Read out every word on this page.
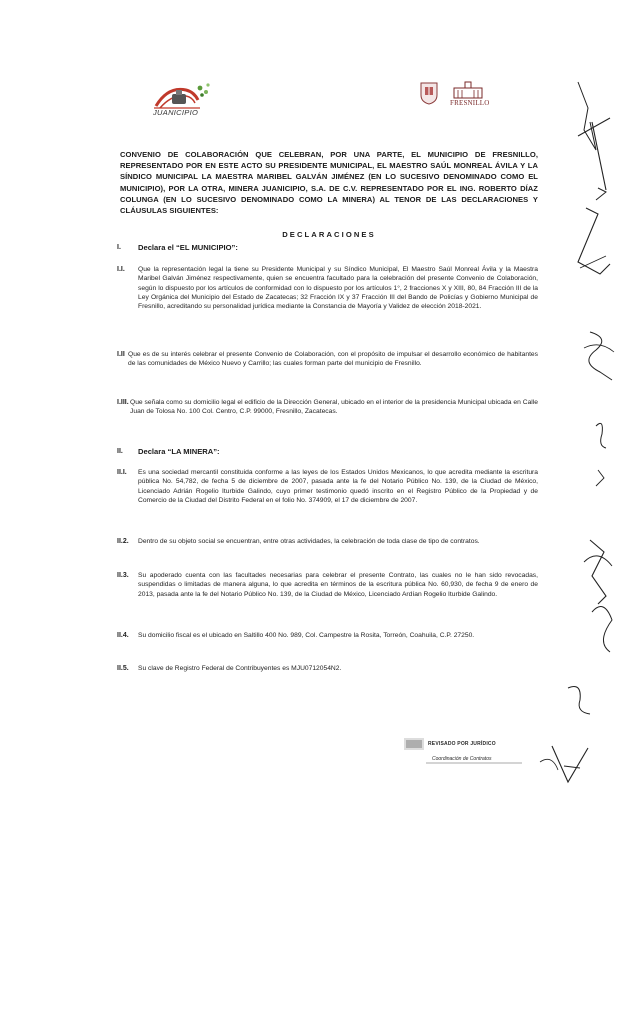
JUANICIPIO
FRESNILLO
CONVENIO DE COLABORACIÓN QUE CELEBRAN, POR UNA PARTE, EL MUNICIPIO DE FRESNILLO, REPRESENTADO POR EN ESTE ACTO SU PRESIDENTE MUNICIPAL, EL MAESTRO SAÚL MONREAL ÁVILA Y LA SÍNDICO MUNICIPAL LA MAESTRA MARIBEL GALVÁN JIMÉNEZ (EN LO SUCESIVO DENOMINADO COMO EL MUNICIPIO), POR LA OTRA, MINERA JUANICIPIO, S.A. DE C.V. REPRESENTADO POR EL ING. ROBERTO DÍAZ COLUNGA (EN LO SUCESIVO DENOMINADO COMO LA MINERA) AL TENOR DE LAS DECLARACIONES Y CLÁUSULAS SIGUIENTES:
DECLARACIONES
I. Declara el “EL MUNICIPIO”:
I.I. Que la representación legal la tiene su Presidente Municipal y su Síndico Municipal, El Maestro Saúl Monreal Ávila y la Maestra Maribel Galván Jiménez respectivamente, quien se encuentra facultado para la celebración del presente Convenio de Colaboración, según lo dispuesto por los artículos de conformidad con lo dispuesto por los artículos 1°, 2 fracciones X y XIII, 80, 84 Fracción III de la Ley Orgánica del Municipio del Estado de Zacatecas; 32 Fracción IX y 37 Fracción III del Bando de Policías y Gobierno Municipal de Fresnillo, acreditando su personalidad jurídica mediante la Constancia de Mayoría y Validez de elección 2018-2021.
I.II Que es de su interés celebrar el presente Convenio de Colaboración, con el propósito de impulsar el desarrollo económico de habitantes de las comunidades de México Nuevo y Carrillo; las cuales forman parte del municipio de Fresnillo.
I.III. Que señala como su domicilio legal el edificio de la Dirección General, ubicado en el interior de la presidencia Municipal ubicada en Calle Juan de Tolosa No. 100 Col. Centro, C.P. 99000, Fresnillo, Zacatecas.
II. Declara “LA MINERA”:
II.I. Es una sociedad mercantil constituida conforme a las leyes de los Estados Unidos Mexicanos, lo que acredita mediante la escritura pública No. 54,782, de fecha 5 de diciembre de 2007, pasada ante la fe del Notario Público No. 139, de la Ciudad de México, Licenciado Adrián Rogelio Iturbide Galindo, cuyo primer testimonio quedó inscrito en el Registro Público de la Propiedad y de Comercio de la Ciudad del Distrito Federal en el folio No. 374909, el 17 de diciembre de 2007.
II.2. Dentro de su objeto social se encuentran, entre otras actividades, la celebración de toda clase de tipo de contratos.
II.3. Su apoderado cuenta con las facultades necesarias para celebrar el presente Contrato, las cuales no le han sido revocadas, suspendidas o limitadas de manera alguna, lo que acredita en términos de la escritura pública No. 60,930, de fecha 9 de enero de 2013, pasada ante la fe del Notario Público No. 139, de la Ciudad de México, Licenciado Ardían Rogelio Iturbide Galindo.
II.4. Su domicilio fiscal es el ubicado en Saltillo 400 No. 989, Col. Campestre la Rosita, Torreón, Coahuila, C.P. 27250.
II.5. Su clave de Registro Federal de Contribuyentes es MJU0712054N2.
REVISADO POR JURÍDICO
Coordinación de Contratos
